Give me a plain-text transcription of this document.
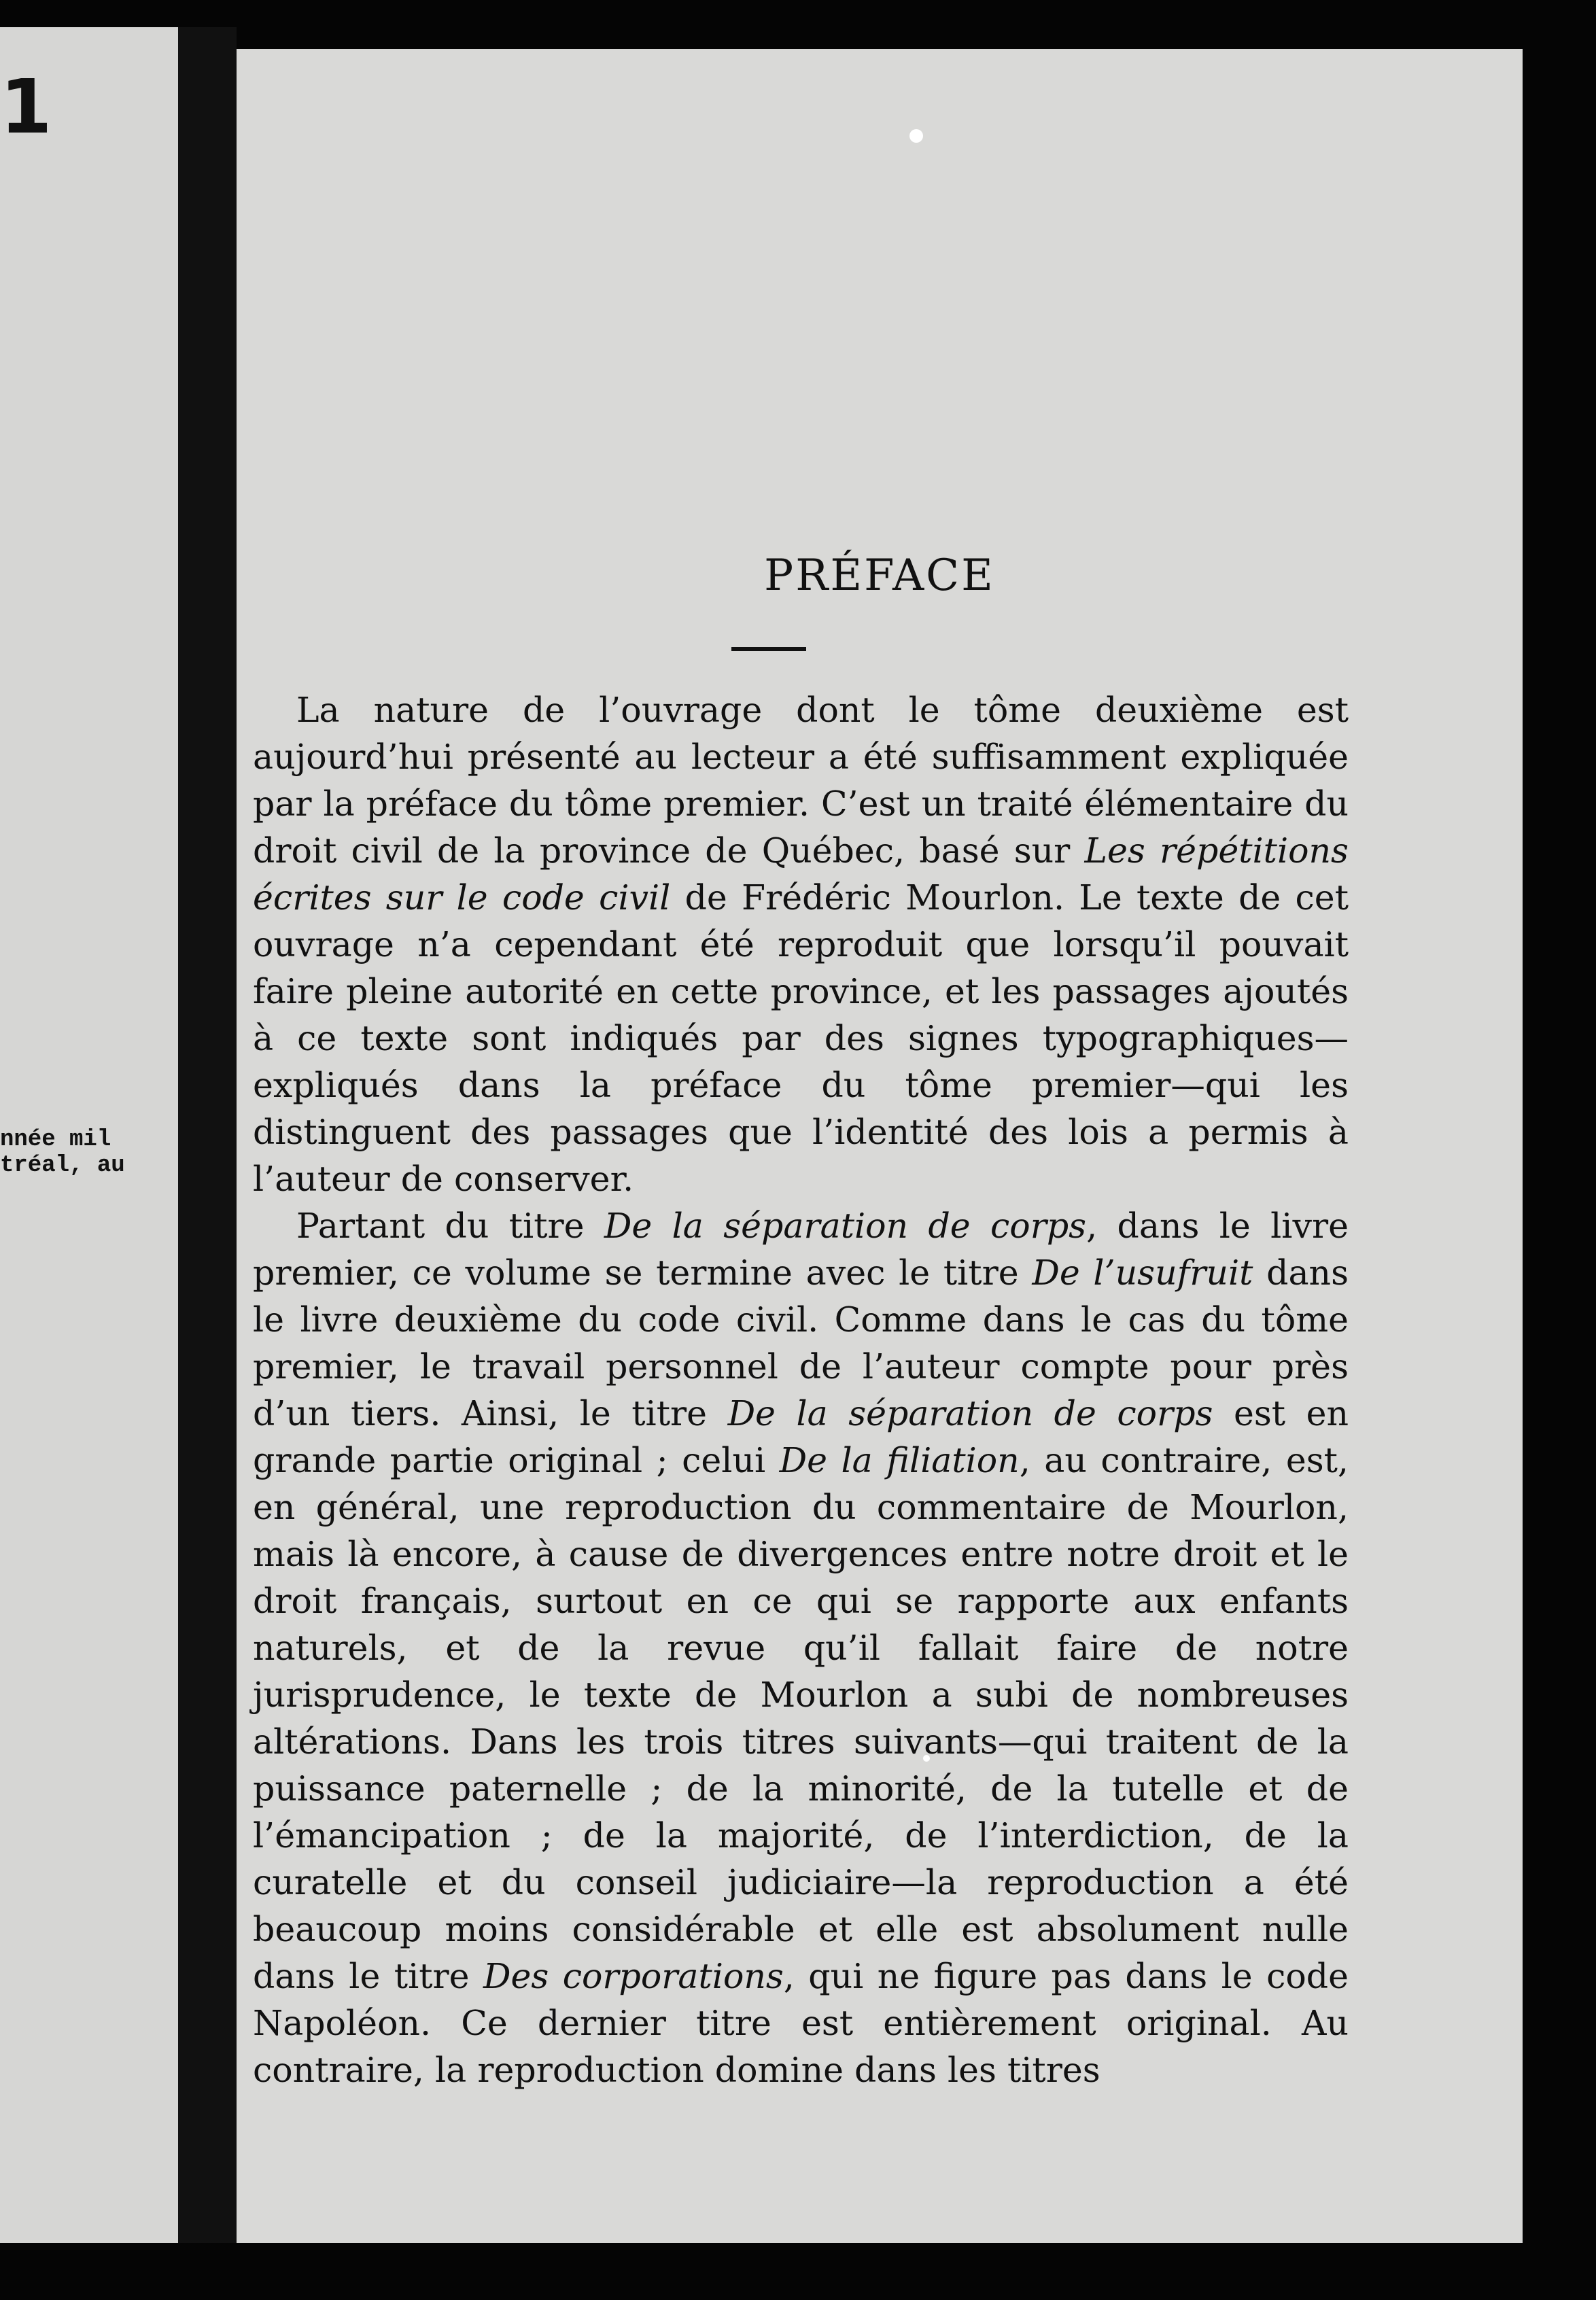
1
nnée mil
tréal, au
PRÉFACE

La nature de l’ouvrage dont le tôme deuxième est aujourd’hui présenté au lecteur a été suffisamment expliquée par la préface du tôme premier. C’est un traité élémentaire du droit civil de la province de Québec, basé sur Les répétitions écrites sur le code civil de Frédéric Mourlon. Le texte de cet ouvrage n’a cependant été reproduit que lorsqu’il pouvait faire pleine autorité en cette province, et les passages ajoutés à ce texte sont indiqués par des signes typographiques—expliqués dans la préface du tôme premier—qui les distinguent des passages que l’identité des lois a permis à l’auteur de conserver.

Partant du titre De la séparation de corps, dans le livre premier, ce volume se termine avec le titre De l’usufruit dans le livre deuxième du code civil. Comme dans le cas du tôme premier, le travail personnel de l’auteur compte pour près d’un tiers. Ainsi, le titre De la séparation de corps est en grande partie original ; celui De la filiation, au contraire, est, en général, une reproduction du commentaire de Mourlon, mais là encore, à cause de divergences entre notre droit et le droit français, surtout en ce qui se rapporte aux enfants naturels, et de la revue qu’il fallait faire de notre jurisprudence, le texte de Mourlon a subi de nombreuses altérations. Dans les trois titres suivants—qui traitent de la puissance paternelle ; de la minorité, de la tutelle et de l’émancipation ; de la majorité, de l’interdiction, de la curatelle et du conseil judiciaire—la reproduction a été beaucoup moins considérable et elle est absolument nulle dans le titre Des corporations, qui ne figure pas dans le code Napoléon. Ce dernier titre est entièrement original. Au contraire, la reproduction domine dans les titres
